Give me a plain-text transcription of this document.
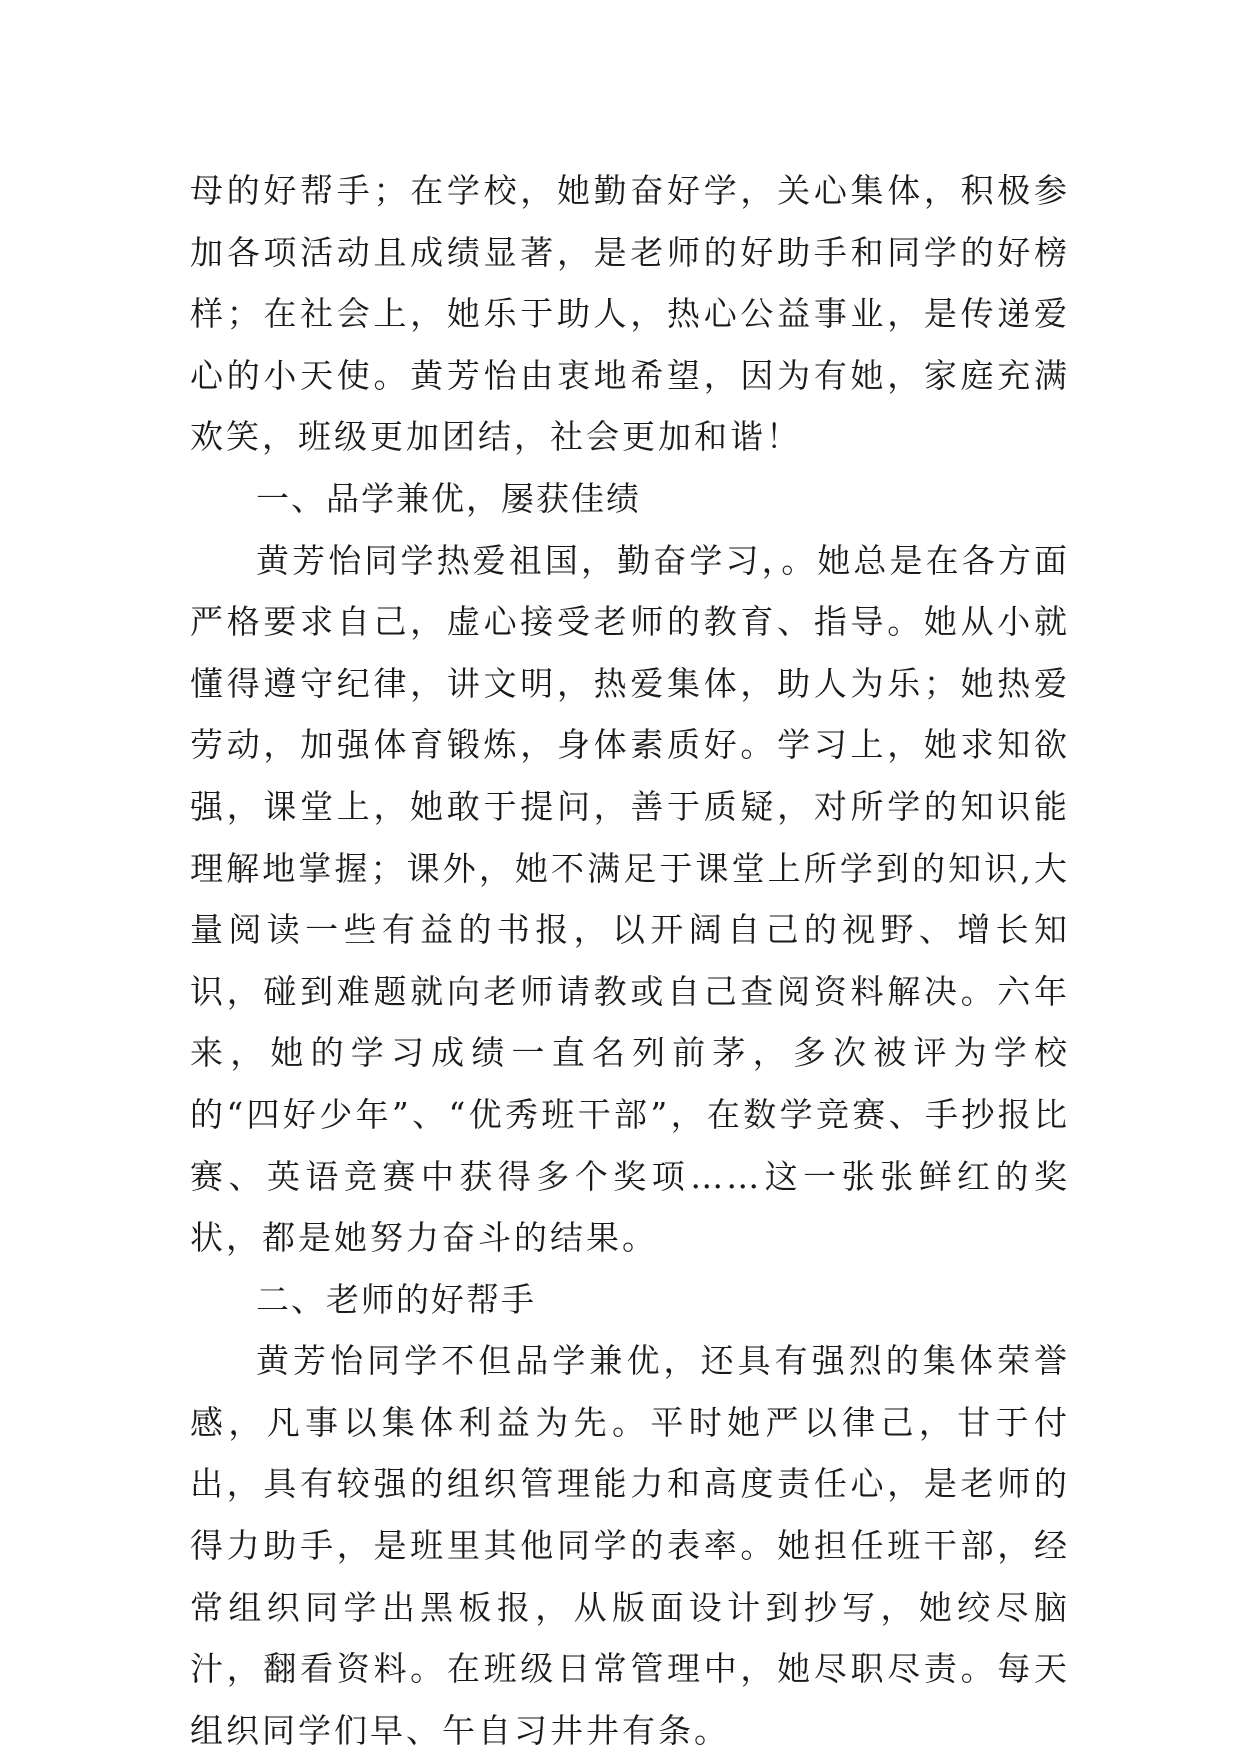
母的好帮手；在学校，她勤奋好学，关心集体，积极参加各项活动且成绩显著，是老师的好助手和同学的好榜样；在社会上，她乐于助人，热心公益事业，是传递爱心的小天使。黄芳怡由衷地希望，因为有她，家庭充满欢笑，班级更加团结，社会更加和谐！

一、品学兼优，屡获佳绩

黄芳怡同学热爱祖国，勤奋学习，。她总是在各方面严格要求自己，虚心接受老师的教育、指导。她从小就懂得遵守纪律，讲文明，热爱集体，助人为乐；她热爱劳动，加强体育锻炼，身体素质好。学习上，她求知欲强，课堂上，她敢于提问，善于质疑，对所学的知识能理解地掌握；课外，她不满足于课堂上所学到的知识,大量阅读一些有益的书报，以开阔自己的视野、增长知识，碰到难题就向老师请教或自己查阅资料解决。六年来，她的学习成绩一直名列前茅，多次被评为学校的“四好少年”、“优秀班干部”，在数学竞赛、手抄报比赛、英语竞赛中获得多个奖项……这一张张鲜红的奖状，都是她努力奋斗的结果。

二、老师的好帮手

黄芳怡同学不但品学兼优，还具有强烈的集体荣誉感，凡事以集体利益为先。平时她严以律己，甘于付出，具有较强的组织管理能力和高度责任心，是老师的得力助手，是班里其他同学的表率。她担任班干部，经常组织同学出黑板报，从版面设计到抄写，她绞尽脑汁，翻看资料。在班级日常管理中，她尽职尽责。每天组织同学们早、午自习井井有条。
